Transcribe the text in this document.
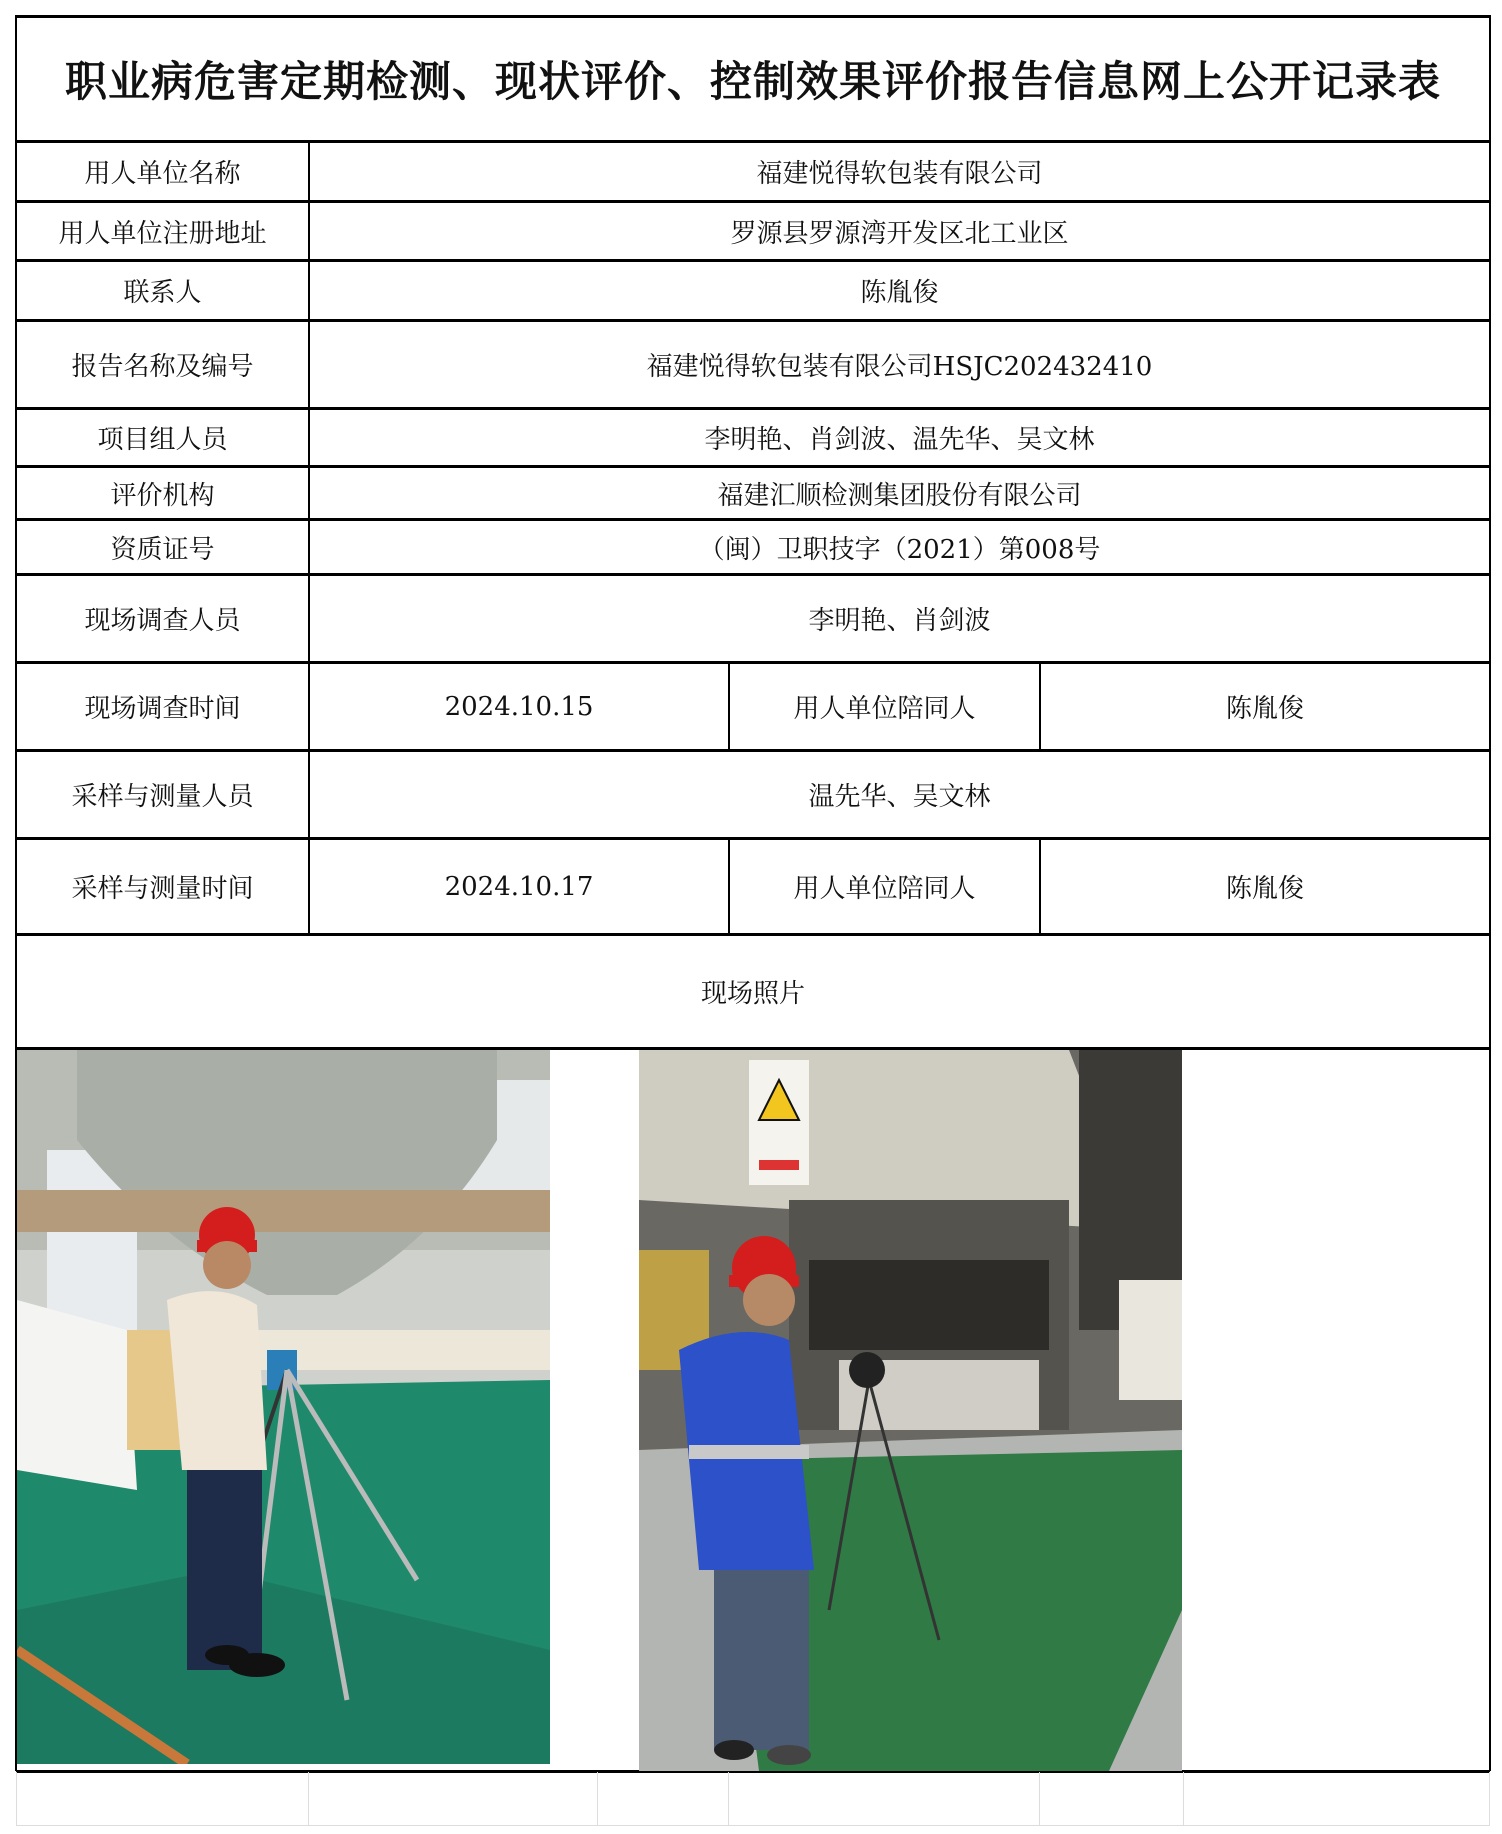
职业病危害定期检测、现状评价、控制效果评价报告信息网上公开记录表
用人单位名称	福建悦得软包装有限公司
用人单位注册地址	罗源县罗源湾开发区北工业区
联系人	陈胤俊
报告名称及编号	福建悦得软包装有限公司HSJC202432410
项目组人员	李明艳、肖剑波、温先华、吴文林
评价机构	福建汇顺检测集团股份有限公司
资质证号	（闽）卫职技字（2021）第008号
现场调查人员	李明艳、肖剑波
现场调查时间	2024.10.15	用人单位陪同人	陈胤俊
采样与测量人员	温先华、吴文林
采样与测量时间	2024.10.17	用人单位陪同人	陈胤俊
现场照片
